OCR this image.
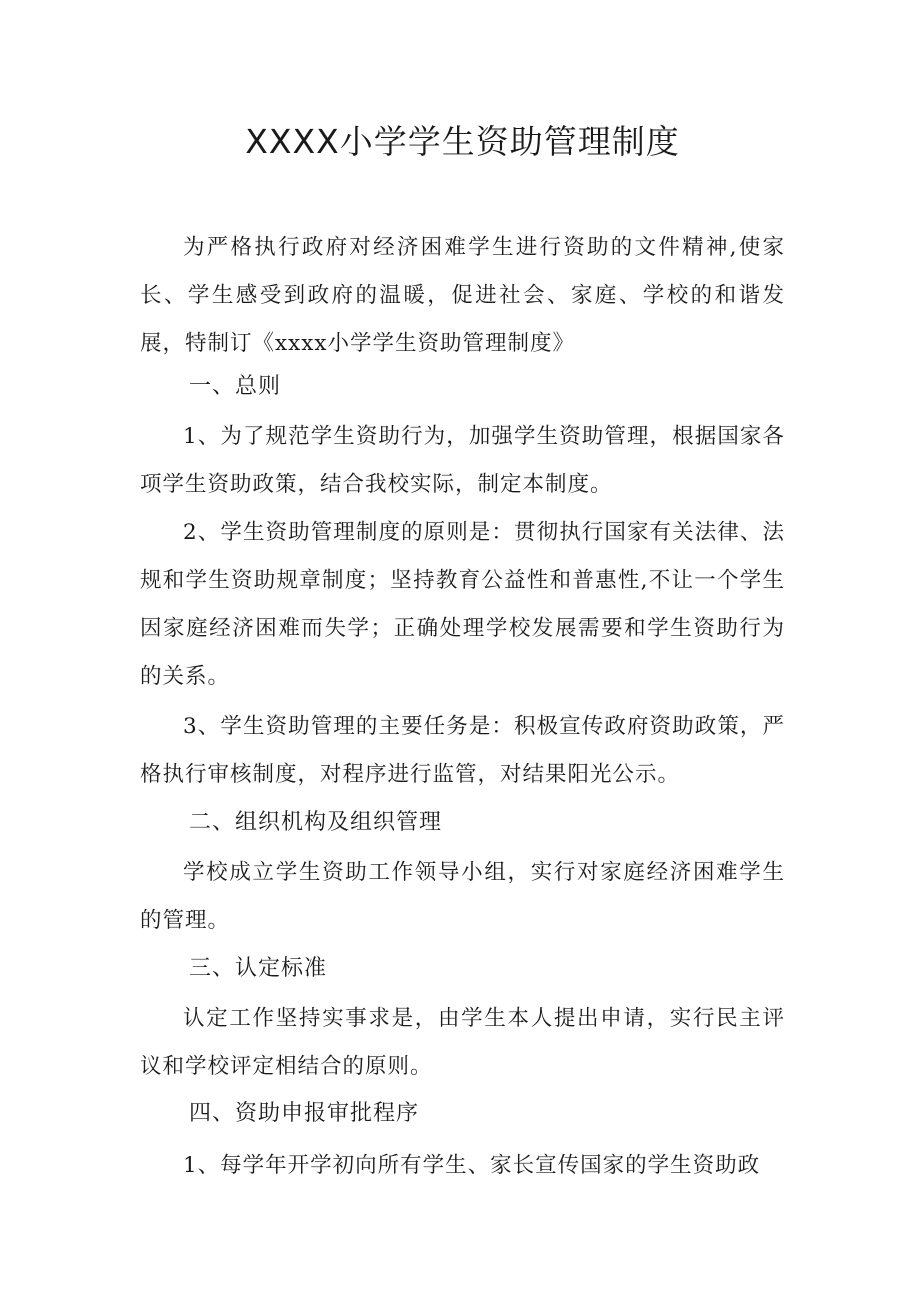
XXXX小学学生资助管理制度

为严格执行政府对经济困难学生进行资助的文件精神,使家长、学生感受到政府的温暖，促进社会、家庭、学校的和谐发展，特制订《xxxx小学学生资助管理制度》

一、总则

1、为了规范学生资助行为，加强学生资助管理，根据国家各项学生资助政策，结合我校实际，制定本制度。

2、学生资助管理制度的原则是：贯彻执行国家有关法律、法规和学生资助规章制度；坚持教育公益性和普惠性,不让一个学生因家庭经济困难而失学；正确处理学校发展需要和学生资助行为的关系。

3、学生资助管理的主要任务是：积极宣传政府资助政策，严格执行审核制度，对程序进行监管，对结果阳光公示。

二、组织机构及组织管理

学校成立学生资助工作领导小组，实行对家庭经济困难学生的管理。

三、认定标准

认定工作坚持实事求是，由学生本人提出申请，实行民主评议和学校评定相结合的原则。

四、资助申报审批程序

1、每学年开学初向所有学生、家长宣传国家的学生资助政
